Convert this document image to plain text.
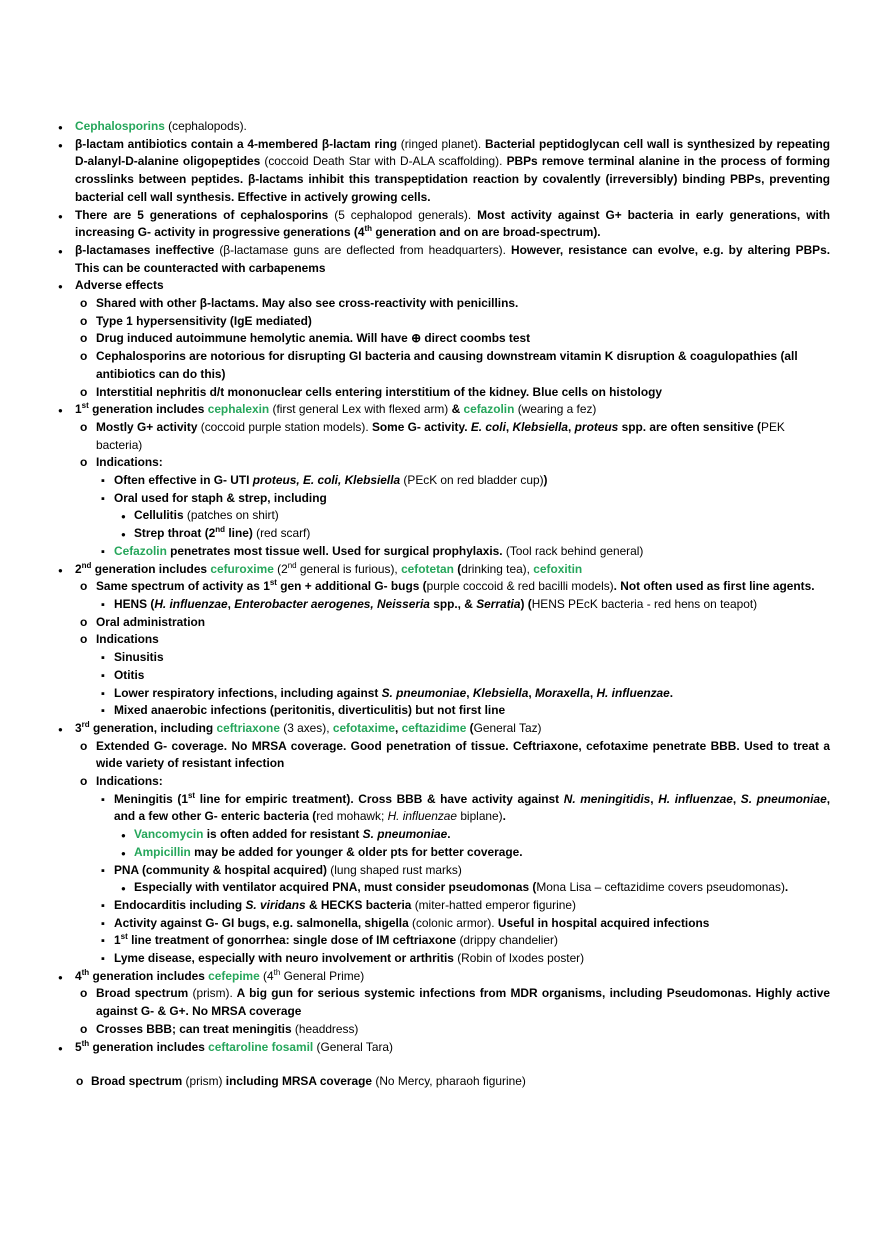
●
Cephalosporins (cephalopods).
●
β-lactam antibiotics contain a 4-membered β-lactam ring (ringed planet). Bacterial peptidoglycan cell wall is synthesized by repeating D-alanyl-D-alanine oligopeptides (coccoid Death Star with D-ALA scaffolding). PBPs remove terminal alanine in the process of forming crosslinks between peptides. β-lactams inhibit this transpeptidation reaction by covalently (irreversibly) binding PBPs, preventing bacterial cell wall synthesis. Effective in actively growing cells.
●
There are 5 generations of cephalosporins (5 cephalopod generals). Most activity against G+ bacteria in early generations, with increasing G- activity in progressive generations (4th generation and on are broad-spectrum).
●
β-lactamases ineffective (β-lactamase guns are deflected from headquarters). However, resistance can evolve, e.g. by altering PBPs. This can be counteracted with carbapenems
●
Adverse effects
o
Shared with other β-lactams. May also see cross-reactivity with penicillins.
o
Type 1 hypersensitivity (IgE mediated)
o
Drug induced autoimmune hemolytic anemia. Will have ⊕ direct coombs test
o
Cephalosporins are notorious for disrupting GI bacteria and causing downstream vitamin K disruption & coagulopathies (all antibiotics can do this)
o
Interstitial nephritis d/t mononuclear cells entering interstitium of the kidney. Blue cells on histology
●
1st generation includes cephalexin (first general Lex with flexed arm) & cefazolin (wearing a fez)
o
Mostly G+ activity (coccoid purple station models). Some G- activity. E. coli, Klebsiella, proteus spp. are often sensitive (PEK bacteria)
o
Indications:
▪
Often effective in G- UTI proteus, E. coli, Klebsiella (PEcK on red bladder cup))
▪
Oral used for staph & strep, including
●
Cellulitis (patches on shirt)
●
Strep throat (2nd line) (red scarf)
▪
Cefazolin penetrates most tissue well. Used for surgical prophylaxis. (Tool rack behind general)
●
2nd generation includes cefuroxime (2nd general is furious), cefotetan (drinking tea), cefoxitin
o
Same spectrum of activity as 1st gen + additional G- bugs (purple coccoid & red bacilli models). Not often used as first line agents.
▪
HENS (H. influenzae, Enterobacter aerogenes, Neisseria spp., & Serratia) (HENS PEcK bacteria - red hens on teapot)
o
Oral administration
o
Indications
▪
Sinusitis
▪
Otitis
▪
Lower respiratory infections, including against S. pneumoniae, Klebsiella, Moraxella, H. influenzae.
▪
Mixed anaerobic infections (peritonitis, diverticulitis) but not first line
●
3rd generation, including ceftriaxone (3 axes), cefotaxime, ceftazidime (General Taz)
o
Extended G- coverage. No MRSA coverage. Good penetration of tissue. Ceftriaxone, cefotaxime penetrate BBB. Used to treat a wide variety of resistant infection
o
Indications:
▪
Meningitis (1st line for empiric treatment). Cross BBB & have activity against N. meningitidis, H. influenzae, S. pneumoniae, and a few other G- enteric bacteria (red mohawk; H. influenzae biplane).
●
Vancomycin is often added for resistant S. pneumoniae.
●
Ampicillin may be added for younger & older pts for better coverage.
▪
PNA (community & hospital acquired) (lung shaped rust marks)
●
Especially with ventilator acquired PNA, must consider pseudomonas (Mona Lisa – ceftazidime covers pseudomonas).
▪
Endocarditis including S. viridans & HECKS bacteria (miter-hatted emperor figurine)
▪
Activity against G- GI bugs, e.g. salmonella, shigella (colonic armor). Useful in hospital acquired infections
▪
1st line treatment of gonorrhea: single dose of IM ceftriaxone (drippy chandelier)
▪
Lyme disease, especially with neuro involvement or arthritis (Robin of Ixodes poster)
●
4th generation includes cefepime (4th General Prime)
o
Broad spectrum (prism). A big gun for serious systemic infections from MDR organisms, including Pseudomonas. Highly active against G- & G+. No MRSA coverage
o
Crosses BBB; can treat meningitis (headdress)
●
5th generation includes ceftaroline fosamil (General Tara)
o
Broad spectrum (prism) including MRSA coverage (No Mercy, pharaoh figurine)
